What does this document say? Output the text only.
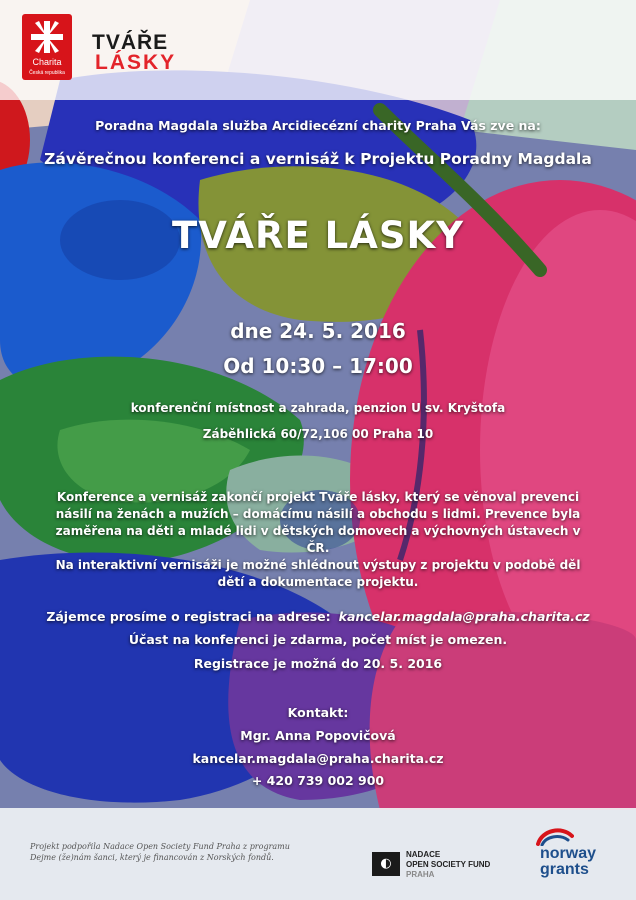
Charita
Česká republika
TVÁŘE
LÁSKY
Poradna Magdala služba Arcidiecézní charity Praha Vás zve na:
Závěrečnou konferenci a vernisáž k Projektu Poradny Magdala
TVÁŘE LÁSKY
dne 24. 5. 2016
Od 10:30 – 17:00
konferenční místnost a zahrada, penzion U sv. Kryštofa
Záběhlická 60/72,106 00 Praha 10
Konference a vernisáž zakončí projekt Tváře lásky, který se věnoval prevenci
násilí na ženách a mužích – domácímu násilí a obchodu s lidmi. Prevence byla
zaměřena na děti a mladé lidi v dětských domovech a výchovných ústavech v ČR.
Na interaktivní vernisáži je možné shlédnout výstupy z projektu v podobě děl
dětí a dokumentace projektu.
Zájemce prosíme o registraci na adrese: kancelar.magdala@praha.charita.cz
Účast na konferenci je zdarma, počet míst je omezen.
Registrace je možná do 20. 5. 2016
Kontakt:
Mgr. Anna Popovičová
kancelar.magdala@praha.charita.cz
+ 420 739 002 900
Projekt podpořila Nadace Open Society Fund Praha z programu
Dejme (že)nám šanci, který je financován z Norských fondů.	◐
NADACE
OPEN SOCIETY FUND
PRAHA
norway
grants
